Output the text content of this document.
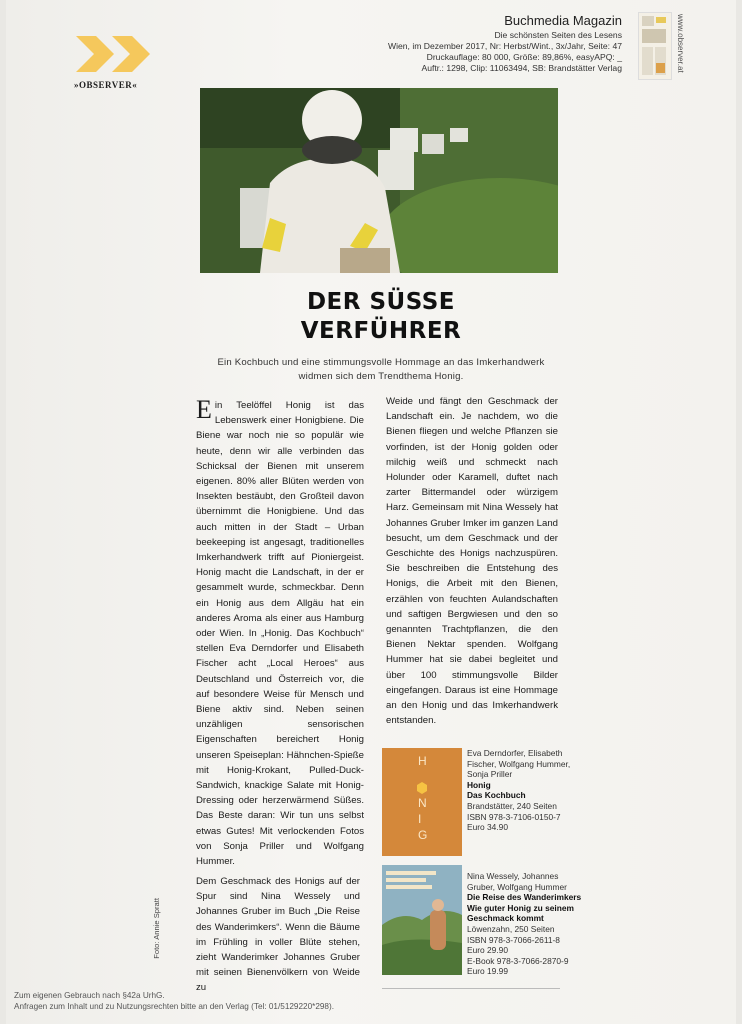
»OBSERVER«
Buchmedia Magazin
Die schönsten Seiten des Lesens
Wien, im Dezember 2017, Nr: Herbst/Wint., 3x/Jahr, Seite: 47
Druckauflage: 80 000, Größe: 89,86%, easyAPQ: _
Auftr.: 1298, Clip: 11063494, SB: Brandstätter Verlag	www.observer.at
DER SÜSSE
VERFÜHRER
Ein Kochbuch und eine stimmungsvolle Hommage an das Imkerhandwerk widmen sich dem Trendthema Honig.

Ein Teelöffel Honig ist das Lebenswerk einer Honigbiene. Die Biene war noch nie so populär wie heute, denn wir alle verbinden das Schicksal der Bienen mit unserem eigenen. 80% aller Blüten werden von Insekten bestäubt, den Großteil davon übernimmt die Honigbiene. Und das auch mitten in der Stadt – Urban beekeeping ist angesagt, traditionelles Imkerhandwerk trifft auf Pioniergeist. Honig macht die Landschaft, in der er gesammelt wurde, schmeckbar. Denn ein Honig aus dem Allgäu hat ein anderes Aroma als einer aus Hamburg oder Wien. In „Honig. Das Kochbuch“ stellen Eva Derndorfer und Elisabeth Fischer acht „Local Heroes“ aus Deutschland und Österreich vor, die auf besondere Weise für Mensch und Biene aktiv sind. Neben seinen unzähligen sensorischen Eigenschaften bereichert Honig unseren Speiseplan: Hähnchen-Spieße mit Honig-Krokant, Pulled-Duck-Sandwich, knackige Salate mit Honig-Dressing oder herzerwärmend Süßes. Das Beste daran: Wir tun uns selbst etwas Gutes! Mit verlockenden Fotos von Sonja Priller und Wolfgang Hummer.

Dem Geschmack des Honigs auf der Spur sind Nina Wessely und Johannes Gruber im Buch „Die Reise des Wanderimkers“. Wenn die Bäume im Frühling in voller Blüte stehen, zieht Wanderimker Johannes Gruber mit seinen Bienenvölkern von Weide zu

Foto: Annie Spratt

Weide und fängt den Geschmack der Landschaft ein. Je nachdem, wo die Bienen fliegen und welche Pflanzen sie vorfinden, ist der Honig golden oder milchig weiß und schmeckt nach Holunder oder Karamell, duftet nach zarter Bittermandel oder würzigem Harz. Gemeinsam mit Nina Wessely hat Johannes Gruber Imker im ganzen Land besucht, um dem Geschmack und der Geschichte des Honigs nachzuspüren. Sie beschreiben die Entstehung des Honigs, die Arbeit mit den Bienen, erzählen von feuchten Aulandschaften und saftigen Bergwiesen und den so genannten Trachtpflanzen, die den Bienen Nektar spenden. Wolfgang Hummer hat sie dabei begleitet und über 100 stimmungsvolle Bilder eingefangen. Daraus ist eine Hommage an den Honig und das Imkerhandwerk entstanden.

H
N
I
G
Eva Derndorfer, Elisabeth Fischer, Wolfgang Hummer, Sonja Priller
Honig
Das Kochbuch
Brandstätter, 240 Seiten
ISBN 978-3-7106-0150-7
Euro 34.90
Nina Wessely, Johannes Gruber, Wolfgang Hummer
Die Reise des Wanderimkers Wie guter Honig zu seinem Geschmack kommt
Löwenzahn, 250 Seiten
ISBN 978-3-7066-2611-8
Euro 29.90
E-Book 978-3-7066-2870-9
Euro 19.99
Zum eigenen Gebrauch nach §42a UrhG.
Anfragen zum Inhalt und zu Nutzungsrechten bitte an den Verlag (Tel: 01/5129220*298).
